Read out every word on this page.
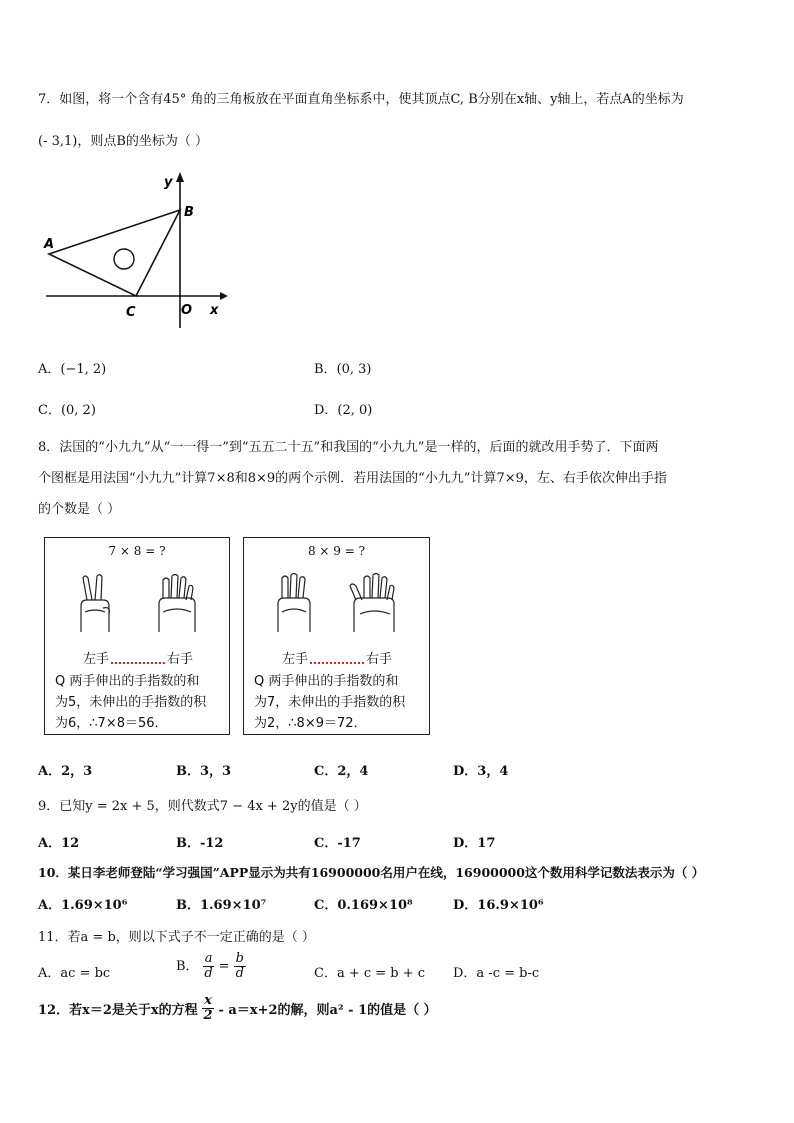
7．如图，将一个含有45° 角的三角板放在平面直角坐标系中，使其顶点C, B分别在x轴、y轴上，若点A的坐标为
(- 3,1)，则点B的坐标为（ ）
y
x
O
A
B
C
A．(−1, 2)	B．(0, 3)
C．(0, 2)	D．(2, 0)
8．法国的“小九九”从“一一得一”到“五五二十五”和我国的“小九九”是一样的，后面的就改用手势了．下面两
个图框是用法国“小九九”计算7×8和8×9的两个示例．若用法国的“小九九”计算7×9，左、右手依次伸出手指
的个数是（ ）
7 × 8 = ?
左手	右手
Q 两手伸出的手指数的和
为5，未伸出的手指数的积
为6，∴7×8＝56．
8 × 9 = ?
左手	右手
Q 两手伸出的手指数的和
为7，未伸出的手指数的积
为2，∴8×9＝72．
A．2，3	B．3，3	C．2，4	D．3，4
9．已知y = 2x + 5，则代数式7 − 4x + 2y的值是（ ）
A．12	B．-12	C．-17	D．17
10．某日李老师登陆“学习强国”APP显示为共有16900000名用户在线，16900000这个数用科学记数法表示为（ ）
A．1.69×10⁶	B．1.69×10⁷	C．0.169×10⁸	D．16.9×10⁶
11．若a = b，则以下式子不一定正确的是（ ）
A．ac = bc	B． $\frac{a}{d} = \frac{b}{d}$	C．a + c = b + c D．a -c = b-c
12．若x＝2是关于x的方程 $\frac{x}{2} - a=x+2$的解，则a² - 1的值是（ ）
